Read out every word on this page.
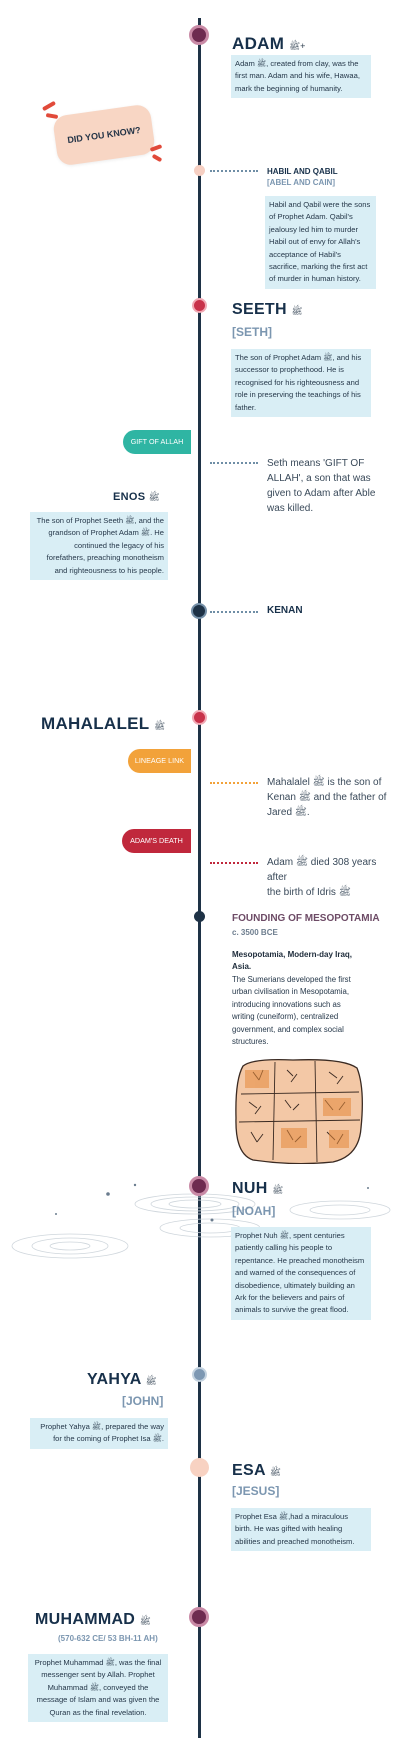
ADAM ﷺ+
Adam ﷺ, created from clay, was the first man. Adam and his wife, Hawaa, mark the beginning of humanity.
DID YOU KNOW?
HABIL AND QABIL
[ABEL AND CAIN]
Habil and Qabil were the sons of Prophet Adam. Qabil's jealousy led him to murder Habil out of envy for Allah's acceptance of Habil's sacrifice, marking the first act of murder in human history.
SEETH ﷺ
[SETH]
The son of Prophet Adam ﷺ, and his successor to prophethood. He is recognised for his righteousness and role in preserving the teachings of his father.
GIFT OF ALLAH
Seth means 'GIFT OF ALLAH', a son that was given to Adam after Able was killed.
ENOS ﷺ
The son of Prophet Seeth ﷺ, and the grandson of Prophet Adam ﷺ. He continued the legacy of his forefathers, preaching monotheism and righteousness to his people.
KENAN
MAHALALEL ﷺ
LINEAGE LINK
Mahalalel ﷺ is the son of Kenan ﷺ and the father of Jared ﷺ.
ADAM'S DEATH
Adam ﷺ died 308 years
after
the birth of Idris ﷺ
FOUNDING OF MESOPOTAMIA
c. 3500 BCE
Mesopotamia, Modern-day Iraq,
Asia.
The Sumerians developed the first urban civilisation in Mesopotamia, introducing innovations such as writing (cuneiform), centralized government, and complex social structures.
NUH ﷺ
[NOAH]
Prophet Nuh ﷺ, spent centuries patiently calling his people to repentance. He preached monotheism and warned of the consequences of disobedience, ultimately building an Ark for the believers and pairs of animals to survive the great flood.
YAHYA ﷺ
[JOHN]
Prophet Yahya ﷺ, prepared the way for the coming of Prophet Isa ﷺ.
ESA ﷺ
[JESUS]
Prophet Esa ﷺ,had a miraculous birth. He was gifted with healing abilities and preached monotheism.
MUHAMMAD ﷺ
(570-632 CE/ 53 BH-11 AH)
Prophet Muhammad ﷺ, was the final messenger sent by Allah. Prophet Muhammad ﷺ, conveyed the message of Islam and was given the Quran as the final revelation.
